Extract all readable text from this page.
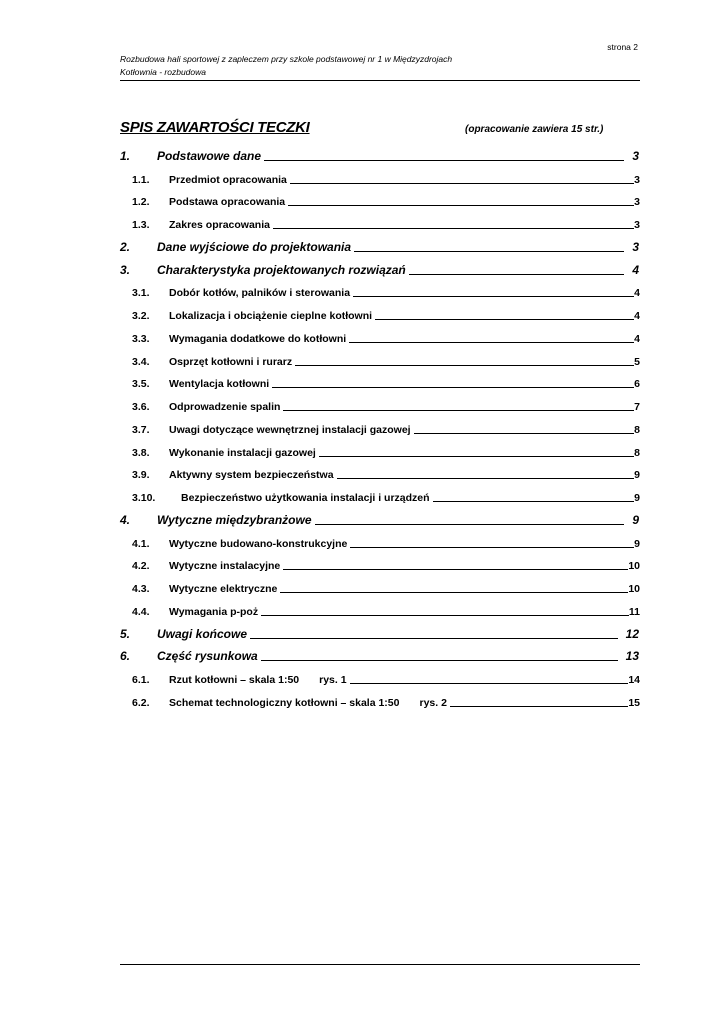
strona 2
Rozbudowa hali sportowej z zapleczem przy szkole podstawowej nr 1 w Międzyzdrojach
Kotłownia - rozbudowa
SPIS ZAWARTOŚCI TECZKI	(opracowanie zawiera 15 str.)
1.	Podstawowe dane	3
1.1.	Przedmiot opracowania	3
1.2.	Podstawa opracowania	3
1.3.	Zakres opracowania	3
2.	Dane wyjściowe do projektowania	3
3.	Charakterystyka projektowanych rozwiązań	4
3.1.	Dobór kotłów, palników i sterowania	4
3.2.	Lokalizacja i obciążenie cieplne kotłowni	4
3.3.	Wymagania dodatkowe do kotłowni	4
3.4.	Osprzęt kotłowni i rurarz	5
3.5.	Wentylacja kotłowni	6
3.6.	Odprowadzenie spalin	7
3.7.	Uwagi dotyczące wewnętrznej instalacji gazowej	8
3.8.	Wykonanie instalacji gazowej	8
3.9.	Aktywny system bezpieczeństwa	9
3.10.	Bezpieczeństwo użytkowania instalacji i urządzeń	9
4.	Wytyczne międzybranżowe	9
4.1.	Wytyczne budowano-konstrukcyjne	9
4.2.	Wytyczne instalacyjne	10
4.3.	Wytyczne elektryczne	10
4.4.	Wymagania p-poż	11
5.	Uwagi końcowe	12
6.	Część rysunkowa	13
6.1.	Rzut kotłowni – skala 1:50 rys. 1	14
6.2.	Schemat technologiczny kotłowni – skala 1:50 rys. 2	15
